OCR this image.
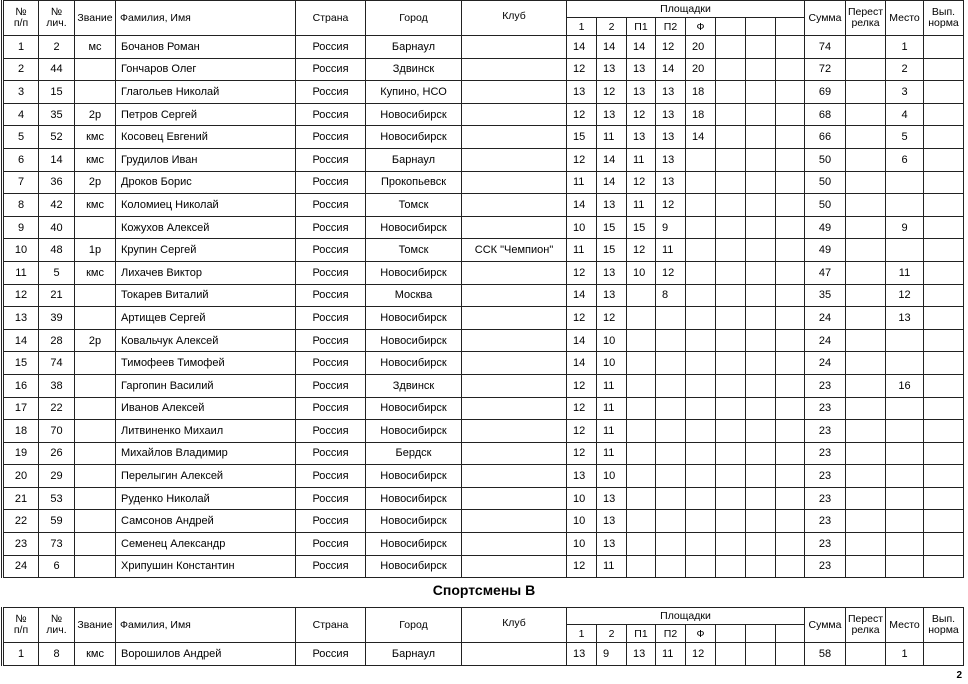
№
п/п	№
лич.	Звание	Фамилия, Имя	Страна	Город	Клуб	Площадки								Сумма	Перест
релка	Место	Вып.
норма

							1	2	П1	П2	Ф							
1	2	мс	Бочанов Роман	Россия	Барнаул		14	14	14	12	20				74		1	
2	44		Гончаров Олег	Россия	Здвинск		12	13	13	14	20				72		2	
3	15		Глагольев Николай	Россия	Купино, НСО		13	12	13	13	18				69		3	
4	35	2р	Петров Сергей	Россия	Новосибирск		12	13	12	13	18				68		4	
5	52	кмс	Косовец Евгений	Россия	Новосибирск		15	11	13	13	14				66		5	
6	14	кмс	Грудилов Иван	Россия	Барнаул		12	14	11	13					50		6	
7	36	2р	Дроков Борис	Россия	Прокопьевск		11	14	12	13					50			
8	42	кмс	Коломиец Николай	Россия	Томск		14	13	11	12					50			
9	40		Кожухов Алексей	Россия	Новосибирск		10	15	15	9					49		9	
10	48	1р	Крупин Сергей	Россия	Томск	ССК "Чемпион"	11	15	12	11					49			
11	5	кмс	Лихачев Виктор	Россия	Новосибирск		12	13	10	12					47		11	
12	21		Токарев Виталий	Россия	Москва		14	13		8					35		12	
13	39		Артищев Сергей	Россия	Новосибирск		12	12							24		13	
14	28	2р	Ковальчук Алексей	Россия	Новосибирск		14	10							24			
15	74		Тимофеев Тимофей	Россия	Новосибирск		14	10							24			
16	38		Гаргопин Василий	Россия	Здвинск		12	11							23		16	
17	22		Иванов Алексей	Россия	Новосибирск		12	11							23			
18	70		Литвиненко Михаил	Россия	Новосибирск		12	11							23			
19	26		Михайлов Владимир	Россия	Бердск		12	11							23			
20	29		Перелыгин Алексей	Россия	Новосибирск		13	10							23			
21	53		Руденко Николай	Россия	Новосибирск		10	13							23			
22	59		Самсонов Андрей	Россия	Новосибирск		10	13							23			
23	73		Семенец Александр	Россия	Новосибирск		10	13							23			
24	6		Хрипушин Константин	Россия	Новосибирск		12	11							23			
Спортсмены В
№
п/п	№
лич.	Звание	Фамилия, Имя	Страна	Город	Клуб	Площадки								Сумма	Перест
релка	Место	Вып.
норма

							1	2	П1	П2	Ф							
1	8	кмс	Ворошилов Андрей	Россия	Барнаул		13	9	13	11	12				58		1	
2
